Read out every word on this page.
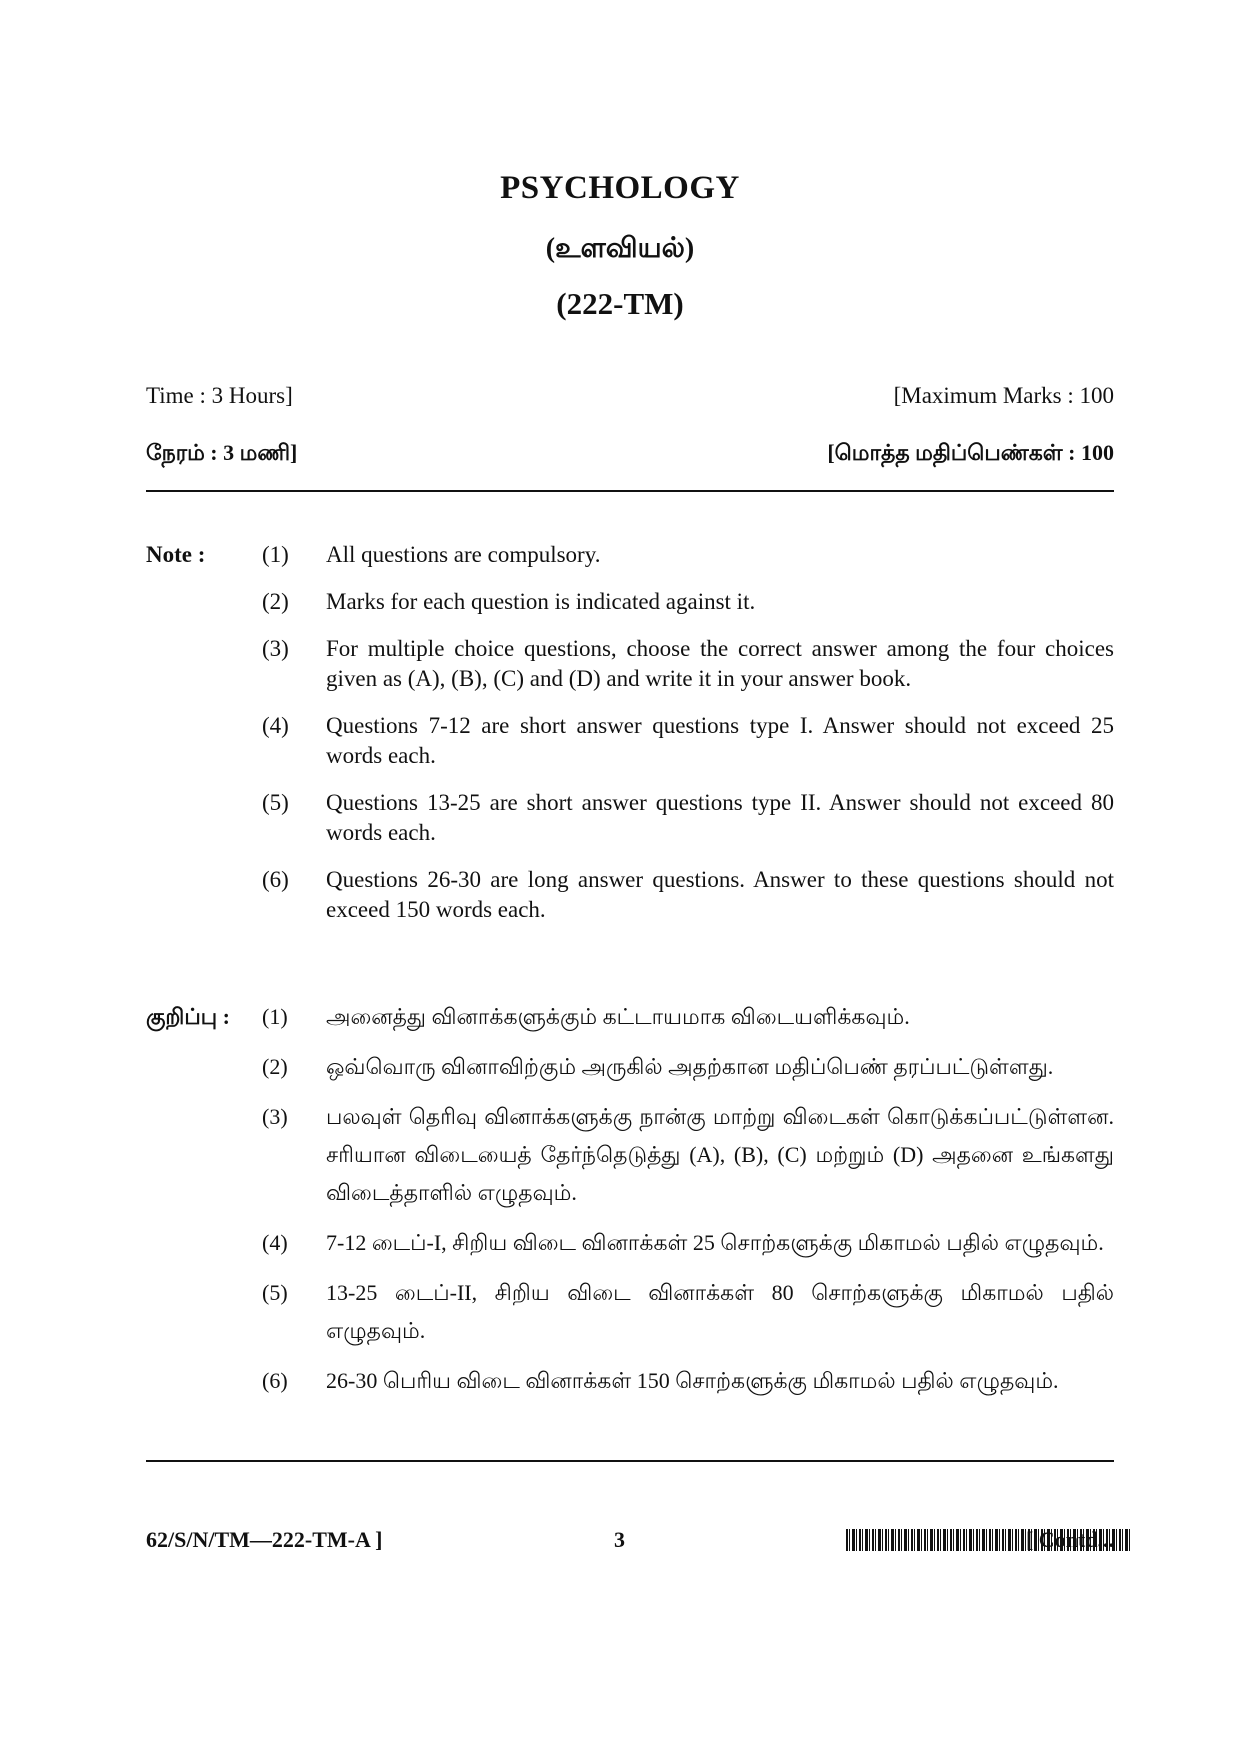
PSYCHOLOGY
(உளவியல்)
(222-TM)
Time : 3 Hours]	[Maximum Marks : 100
நேரம் : 3 மணி]	[மொத்த மதிப்பெண்கள் : 100
Note :	(1)	All questions are compulsory.
(2)	Marks for each question is indicated against it.
(3)	For multiple choice questions, choose the correct answer among the four choices given as (A), (B), (C) and (D) and write it in your answer book.
(4)	Questions 7-12 are short answer questions type I. Answer should not exceed 25 words each.
(5)	Questions 13-25 are short answer questions type II. Answer should not exceed 80 words each.
(6)	Questions 26-30 are long answer questions. Answer to these questions should not exceed 150 words each.
குறிப்பு :	(1)	அனைத்து வினாக்களுக்கும் கட்டாயமாக விடையளிக்கவும்.
(2)	ஒவ்வொரு வினாவிற்கும் அருகில் அதற்கான மதிப்பெண் தரப்பட்டுள்ளது.
(3)	பலவுள் தெரிவு வினாக்களுக்கு நான்கு மாற்று விடைகள் கொடுக்கப்பட்டுள்ளன. சரியான விடையைத் தேர்ந்தெடுத்து (A), (B), (C) மற்றும் (D) அதனை உங்களது விடைத்தாளில் எழுதவும்.
(4)	7-12 டைப்-I, சிறிய விடை வினாக்கள் 25 சொற்களுக்கு மிகாமல் பதில் எழுதவும்.
(5)	13-25 டைப்-II, சிறிய விடை வினாக்கள் 80 சொற்களுக்கு மிகாமல் பதில் எழுதவும்.
(6)	26-30 பெரிய விடை வினாக்கள் 150 சொற்களுக்கு மிகாமல் பதில் எழுதவும்.
62/S/N/TM—222-TM-A ]	3	[ Contd...
